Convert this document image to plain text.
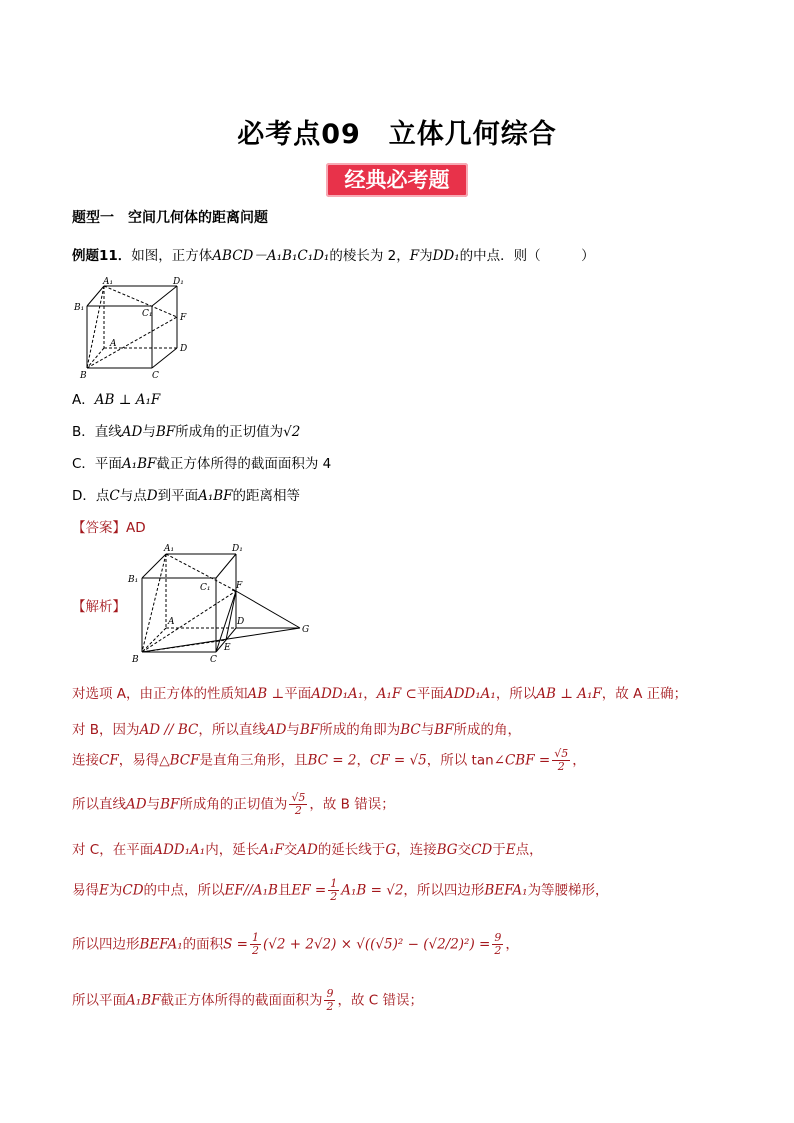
必考点09　立体几何综合
经典必考题
题型一　空间几何体的距离问题
例题11．如图，正方体ABCD－A₁B₁C₁D₁的棱长为 2，F为DD₁的中点．则（　　　）
A₁	D₁
B₁
C₁	F
A	D
B	C
A．AB ⊥ A₁F
B．直线AD与BF所成角的正切值为√2
C．平面A₁BF截正方体所得的截面面积为 4
D．点C与点D到平面A₁BF的距离相等
【答案】AD
【解析】
A₁	D₁
B₁
C₁	F
A	D
G
B
E
C
对选项 A，由正方体的性质知AB ⊥平面ADD₁A₁，A₁F ⊂平面ADD₁A₁，所以AB ⊥ A₁F，故 A 正确；
对 B，因为AD // BC，所以直线AD与BF所成的角即为BC与BF所成的角，
连接CF，易得△BCF是直角三角形，且BC = 2，CF = √5，所以 tan∠CBF = $\frac{√5}{2}$ ，
所以直线AD与BF所成角的正切值为 $\frac{√5}{2}$ ，故 B 错误；
对 C，在平面ADD₁A₁内，延长A₁F交AD的延长线于G，连接BG交CD于E点，
易得E为CD的中点，所以EF//A₁B且EF = $\frac{1}{2} A_1B = √2$，所以四边形BEFA₁为等腰梯形，
所以四边形BEFA₁的面积$S = \frac{1}{2} (√2 + 2√2) \times √((√5)^2 - (√2/2)^2) = \frac{9}{2}$ ，
所以平面A₁BF截正方体所得的截面面积为 $\frac{9}{2}$ ，故 C 错误；
